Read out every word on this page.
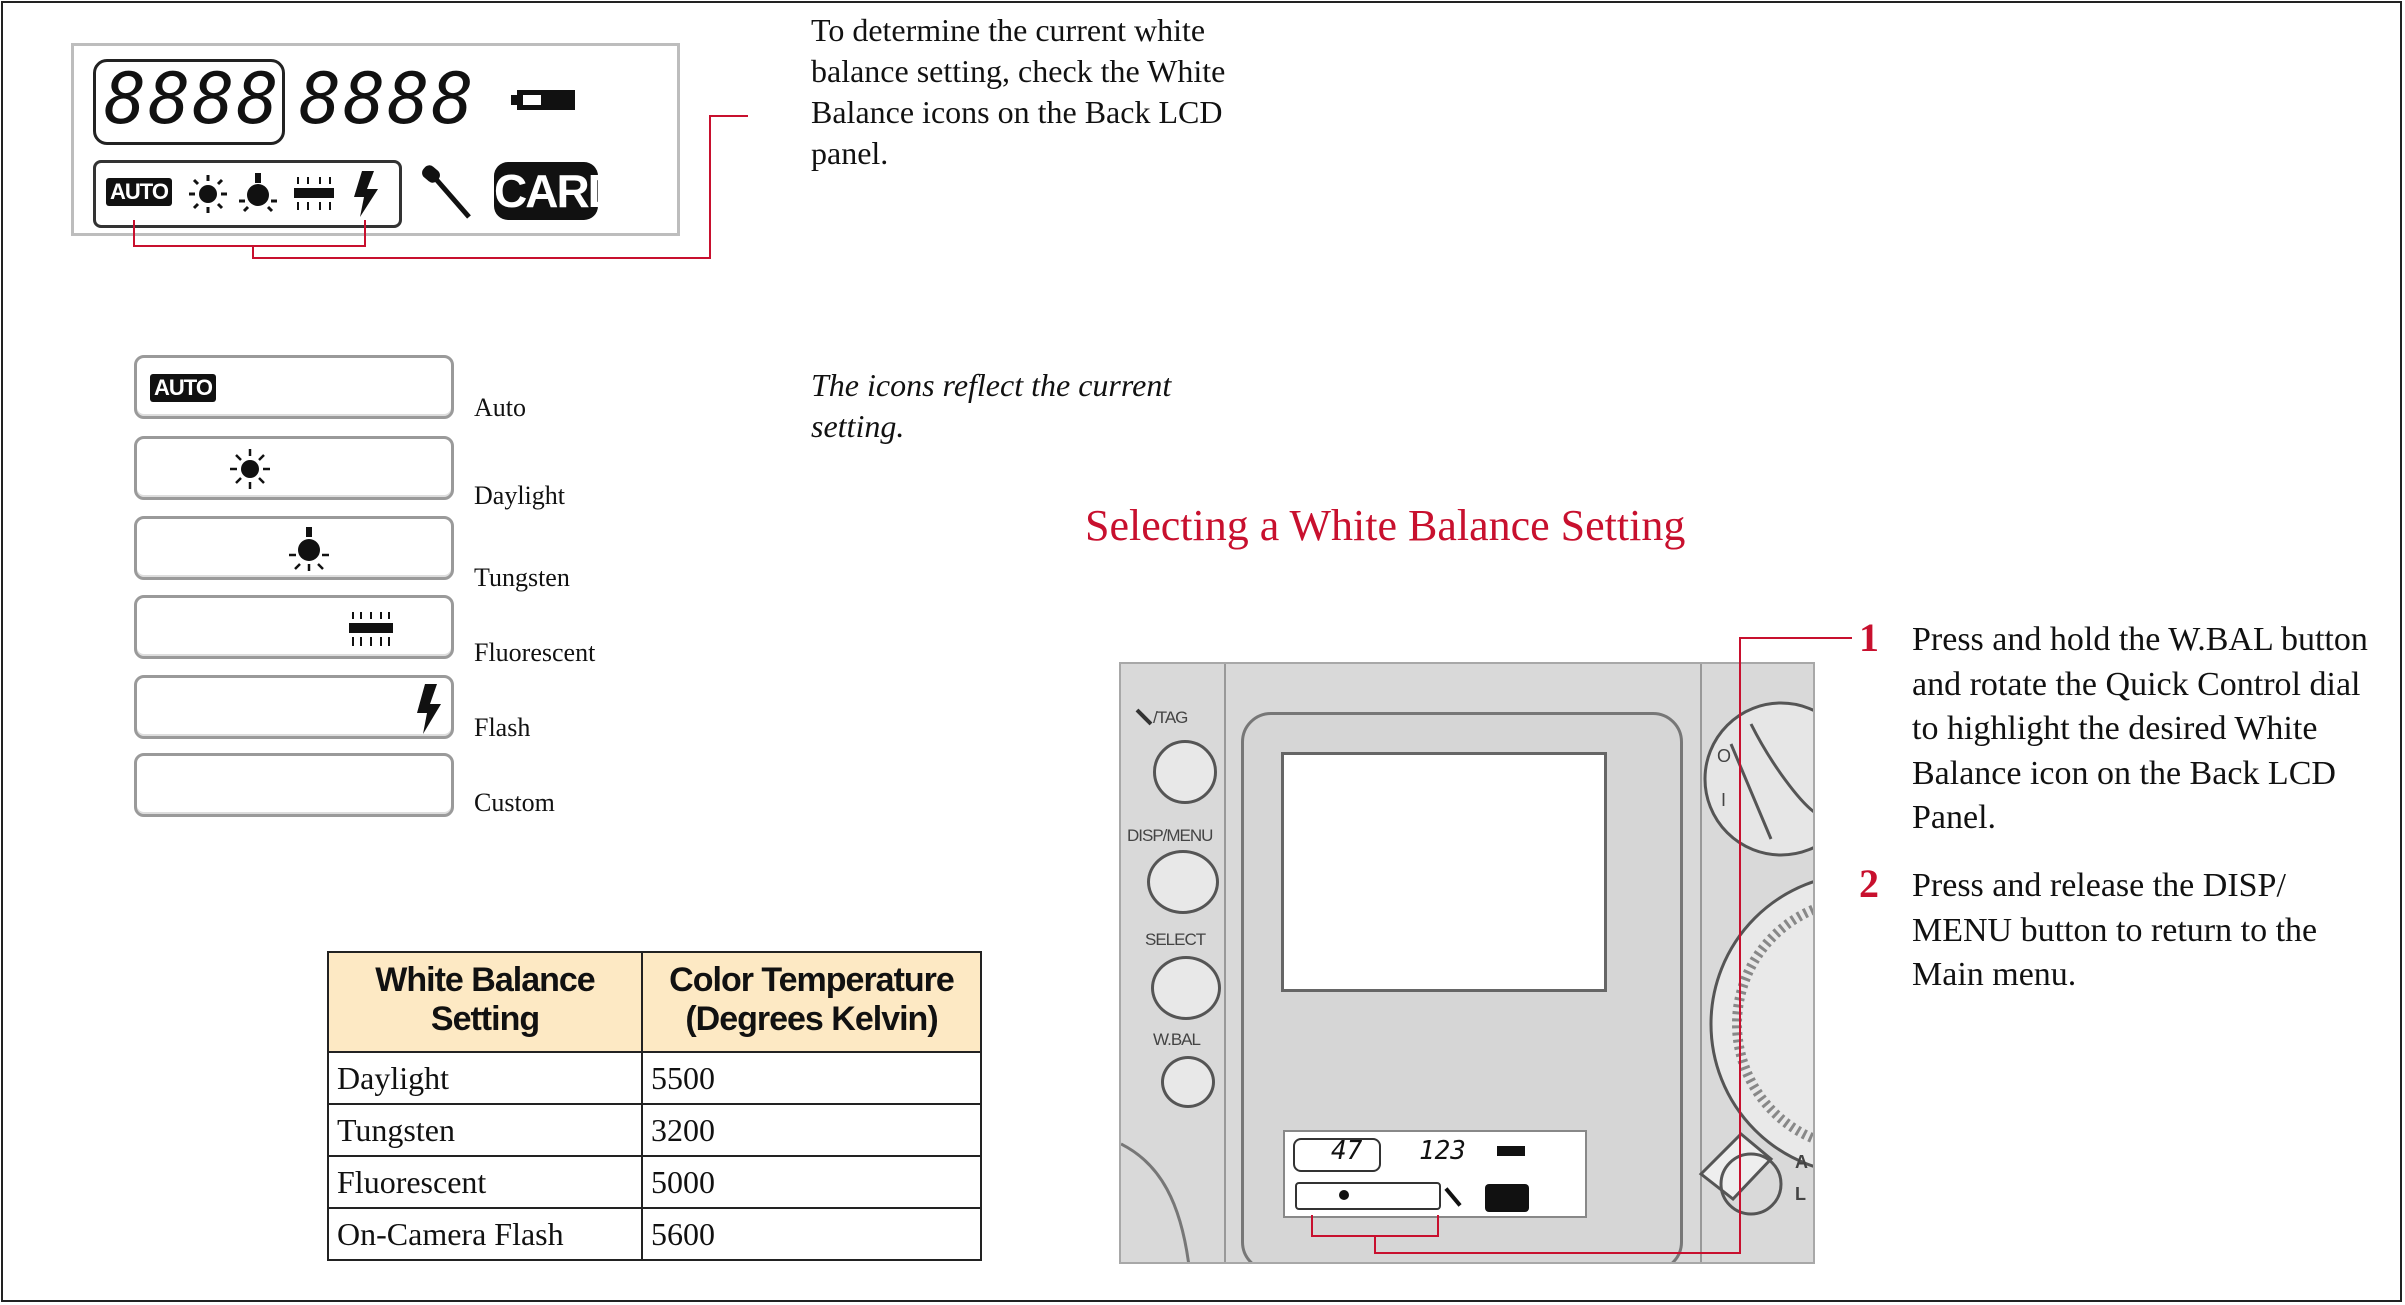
8888 8888
AUTO	CARD
To determine the current white balance setting, check the White Balance icons on the Back LCD panel.
The icons reflect the current setting.
AUTO
Auto
Daylight
Tungsten
Fluorescent
Flash
Custom
White Balance Setting	Color Temperature (Degrees Kelvin)
Daylight	5500
Tungsten	3200
Fluorescent	5000
On-Camera Flash	5600
Selecting a White Balance Setting
1 Press and hold the W.BAL button and rotate the Quick Control dial to highlight the desired White Balance icon on the Back LCD Panel.
2 Press and release the DISP/ MENU button to return to the Main menu.
O
I
A
L
/TAG
DISP/MENU
SELECT
W.BAL
47 123
